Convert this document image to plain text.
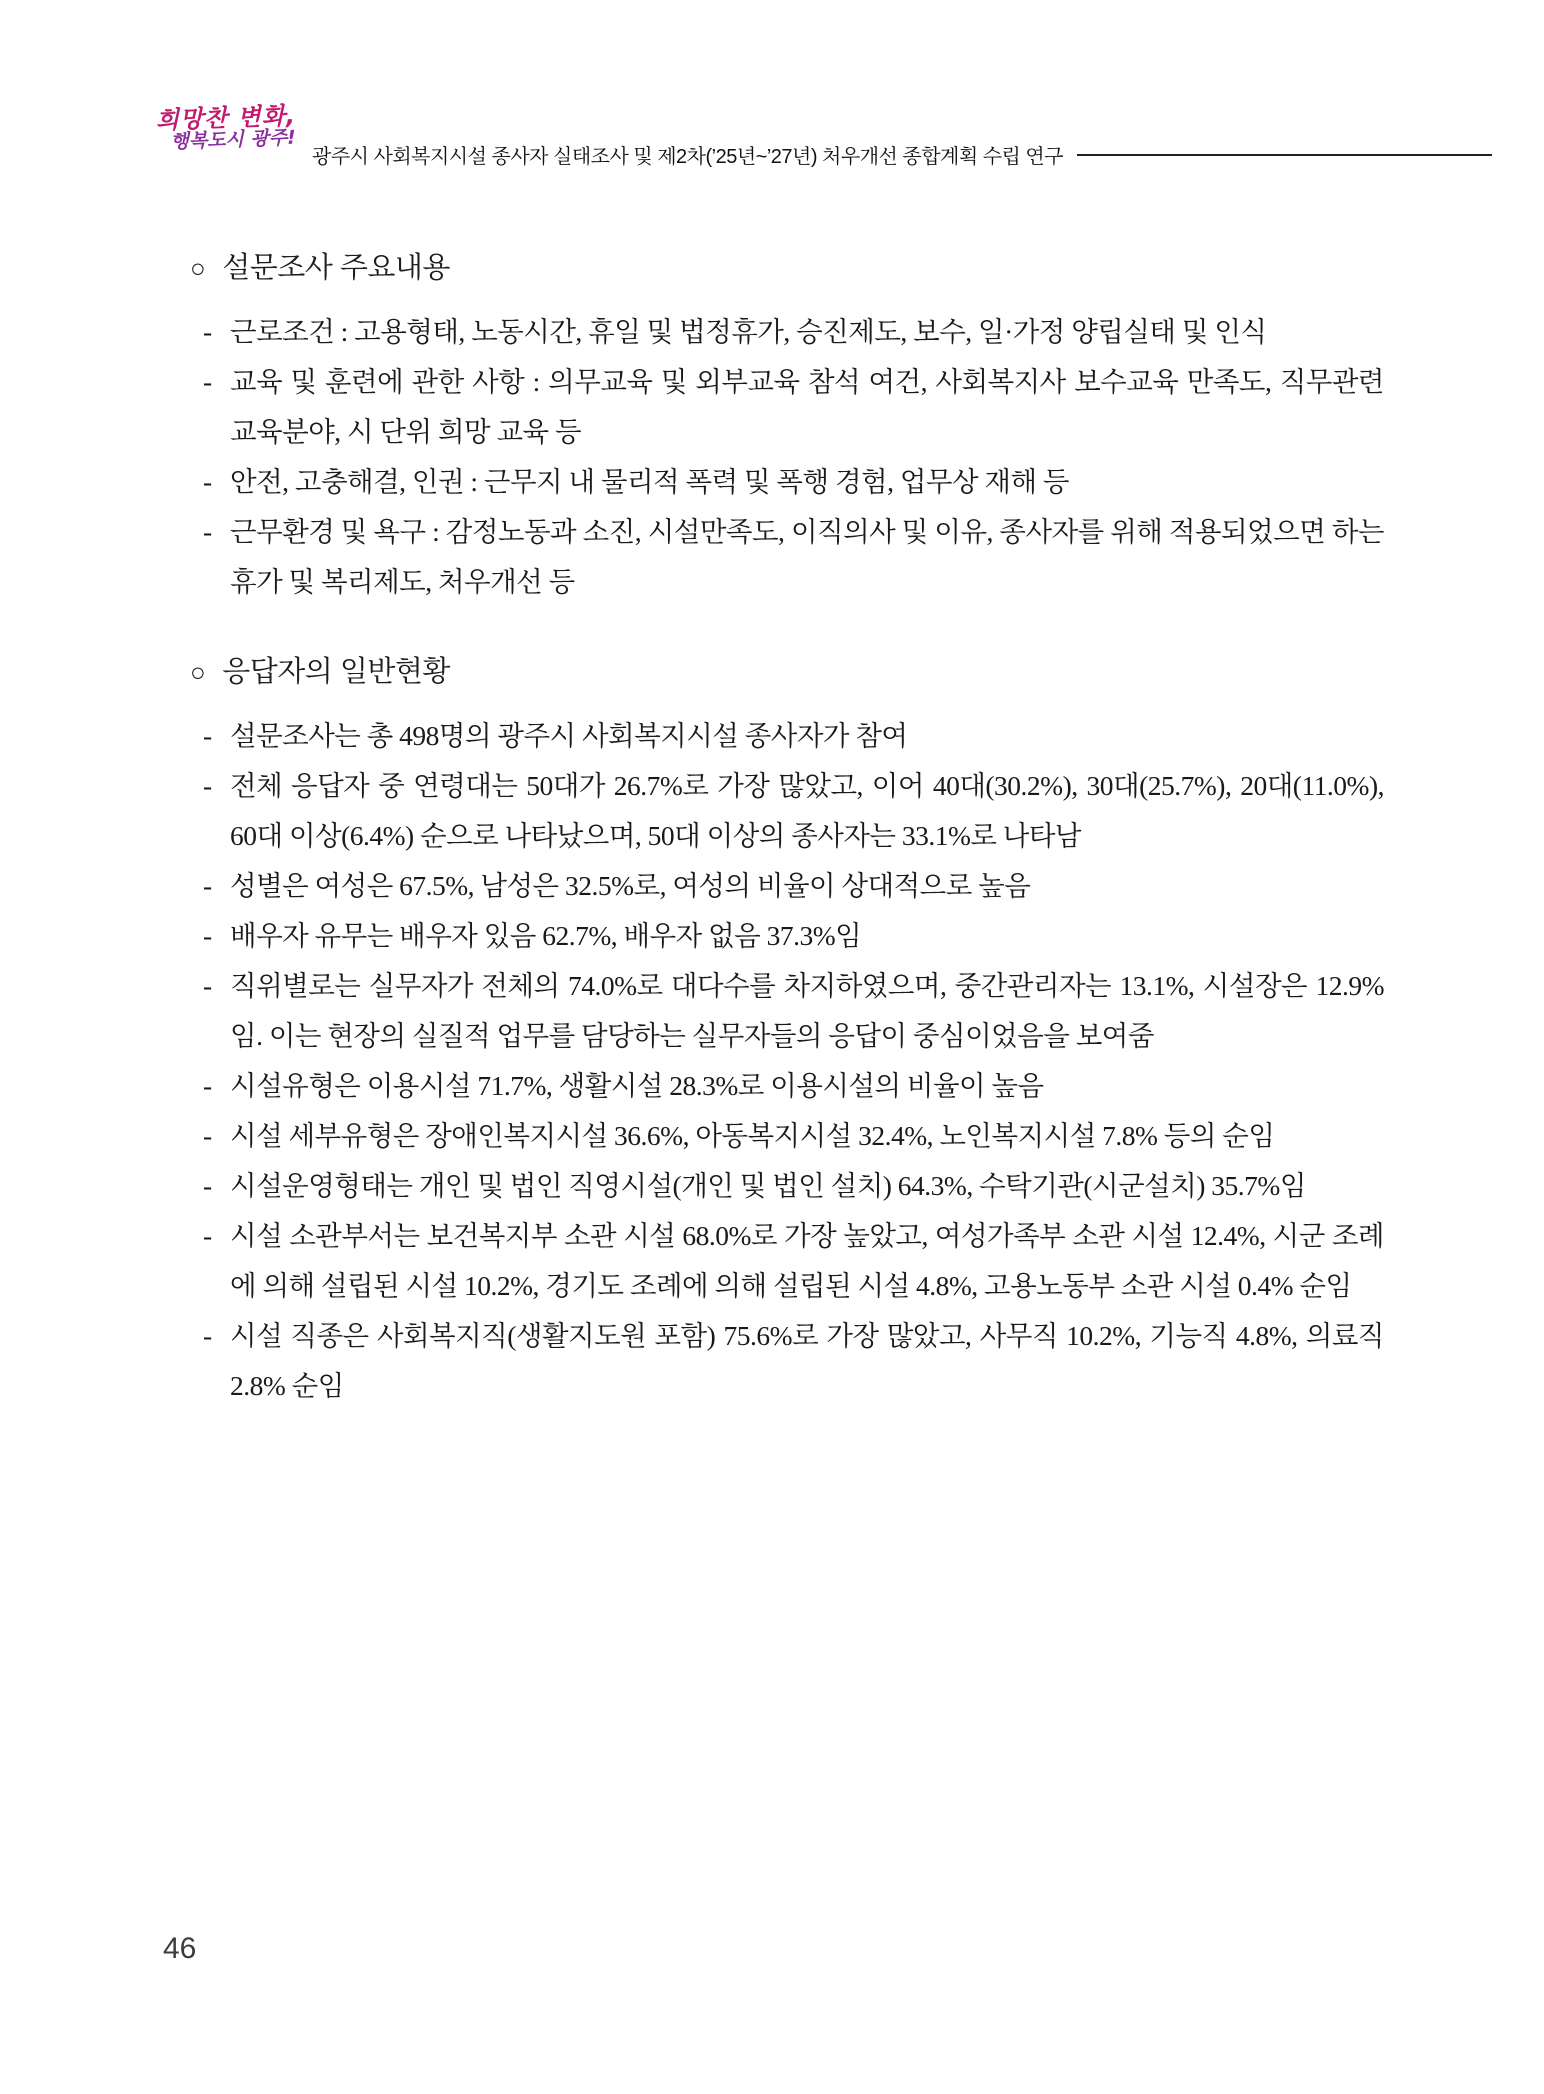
희망찬 변화,
행복도시 광주!
광주시 사회복지시설 종사자 실태조사 및 제2차(’25년~’27년) 처우개선 종합계획 수립 연구
○ 설문조사 주요내용
- 근로조건 : 고용형태, 노동시간, 휴일 및 법정휴가, 승진제도, 보수, 일·가정 양립실태 및 인식
- 교육 및 훈련에 관한 사항 : 의무교육 및 외부교육 참석 여건, 사회복지사 보수교육 만족도, 직무관련 교육분야, 시 단위 희망 교육 등
- 안전, 고충해결, 인권 : 근무지 내 물리적 폭력 및 폭행 경험, 업무상 재해 등
- 근무환경 및 욕구 : 감정노동과 소진, 시설만족도, 이직의사 및 이유, 종사자를 위해 적용되었으면 하는 휴가 및 복리제도, 처우개선 등
○ 응답자의 일반현황
- 설문조사는 총 498명의 광주시 사회복지시설 종사자가 참여
- 전체 응답자 중 연령대는 50대가 26.7%로 가장 많았고, 이어 40대(30.2%), 30대(25.7%), 20대(11.0%), 60대 이상(6.4%) 순으로 나타났으며, 50대 이상의 종사자는 33.1%로 나타남
- 성별은 여성은 67.5%, 남성은 32.5%로, 여성의 비율이 상대적으로 높음
- 배우자 유무는 배우자 있음 62.7%, 배우자 없음 37.3%임
- 직위별로는 실무자가 전체의 74.0%로 대다수를 차지하였으며, 중간관리자는 13.1%, 시설장은 12.9%임. 이는 현장의 실질적 업무를 담당하는 실무자들의 응답이 중심이었음을 보여줌
- 시설유형은 이용시설 71.7%, 생활시설 28.3%로 이용시설의 비율이 높음
- 시설 세부유형은 장애인복지시설 36.6%, 아동복지시설 32.4%, 노인복지시설 7.8% 등의 순임
- 시설운영형태는 개인 및 법인 직영시설(개인 및 법인 설치) 64.3%, 수탁기관(시군설치) 35.7%임
- 시설 소관부서는 보건복지부 소관 시설 68.0%로 가장 높았고, 여성가족부 소관 시설 12.4%, 시군 조례에 의해 설립된 시설 10.2%, 경기도 조례에 의해 설립된 시설 4.8%, 고용노동부 소관 시설 0.4% 순임
- 시설 직종은 사회복지직(생활지도원 포함) 75.6%로 가장 많았고, 사무직 10.2%, 기능직 4.8%, 의료직 2.8% 순임
46
